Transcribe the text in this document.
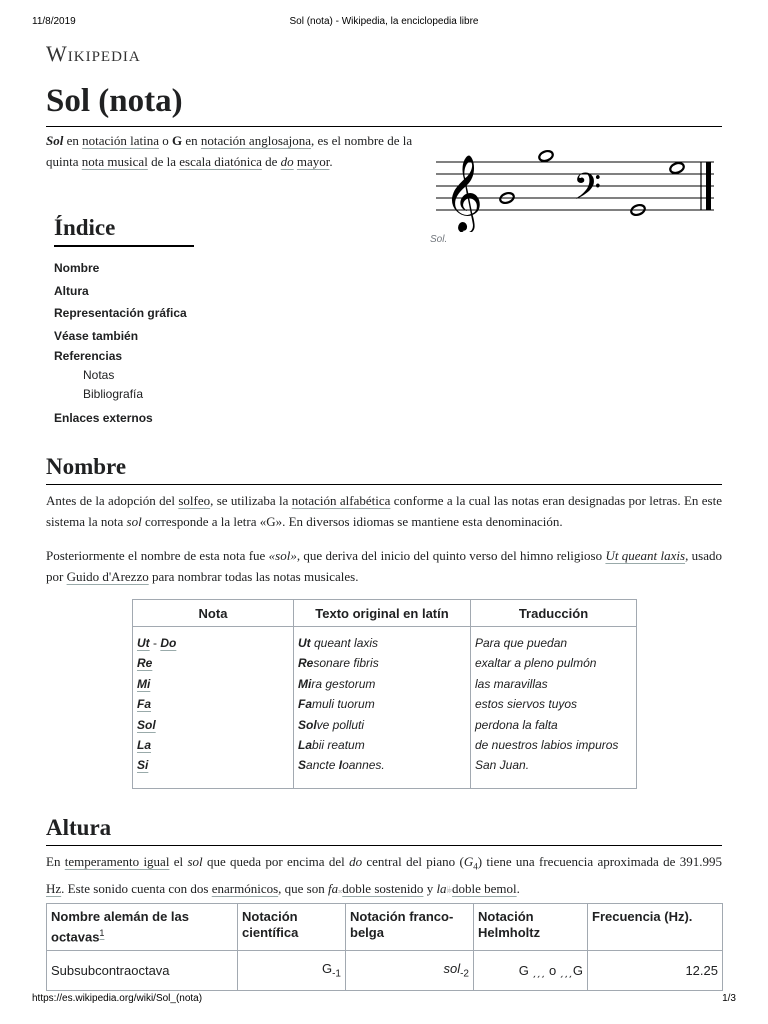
11/8/2019	Sol (nota) - Wikipedia, la enciclopedia libre
Wikipedia
Sol (nota)

Sol en notación latina o G en notación anglosajona, es el nombre de la quinta nota musical de la escala diatónica de do mayor.	𝄞 𝄢
Sol.
Índice
Nombre
Altura
Representación gráfica
Véase también
Referencias
Notas
Bibliografía
Enlaces externos
Nombre
Antes de la adopción del solfeo, se utilizaba la notación alfabética conforme a la cual las notas eran designadas por letras. En este sistema la nota sol corresponde a la letra «G». En diversos idiomas se mantiene esta denominación.
Posteriormente el nombre de esta nota fue «sol», que deriva del inicio del quinto verso del himno religioso Ut queant laxis, usado por Guido d'Arezzo para nombrar todas las notas musicales.
Nota	Texto original en latín	Traducción
Ut - Do	Ut queant laxis	Para que puedan
Re	Resonare fibris	exaltar a pleno pulmón
Mi	Mira gestorum	las maravillas
Fa	Famuli tuorum	estos siervos tuyos
Sol	Solve polluti	perdona la falta
La	Labii reatum	de nuestros labios impuros
Si	Sancte Ioannes.	San Juan.
Altura
En temperamento igual el sol que queda por encima del do central del piano $(G_4)$ tiene una frecuencia aproximada de 391.995 Hz. Este sonido cuenta con dos enarmónicos, que son fa𝄪doble sostenido y la𝄫doble bemol.
Nombre alemán de las octavas$^1$	Notación científica	Notación franco-belga	Notación Helmholtz	Frecuencia (Hz).
Subsubcontraoctava	$G_{-1}$	sol$_{-2}$	G ͵͵͵ o ͵͵͵G	12.25
https://es.wikipedia.org/wiki/Sol_(nota)	1/3
